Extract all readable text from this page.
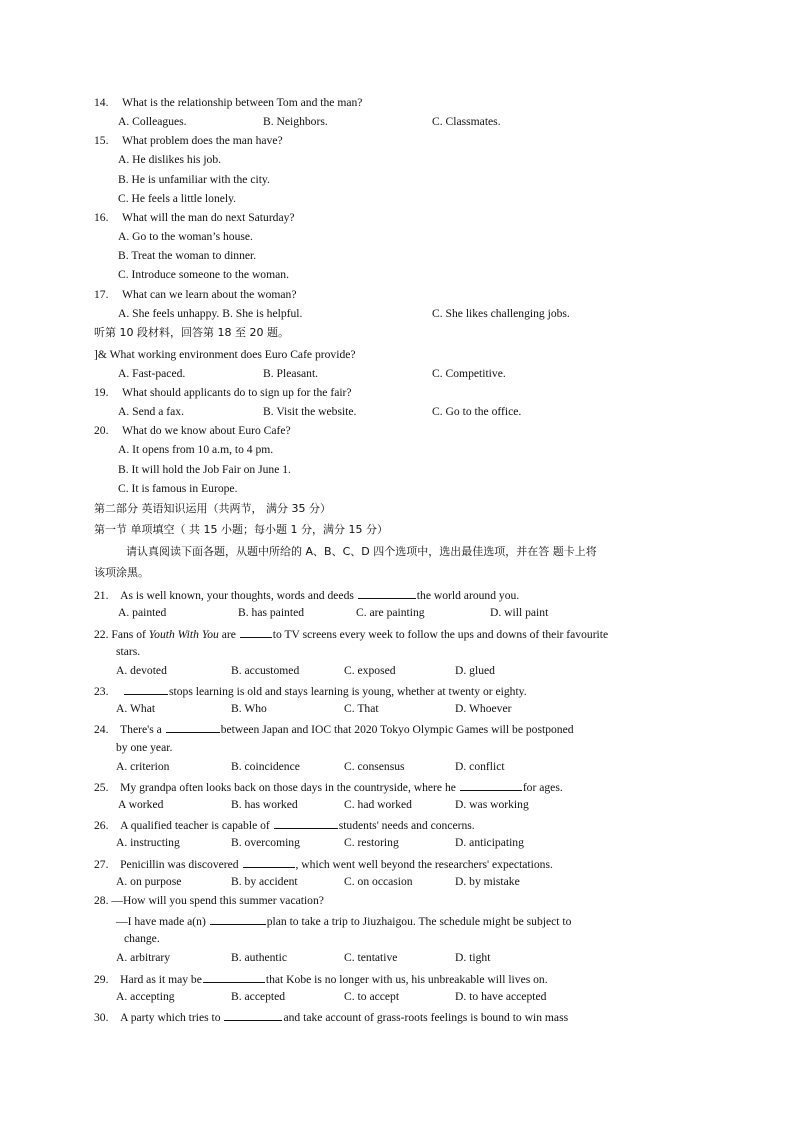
14. What is the relationship between Tom and the man?
A. Colleagues.	B. Neighbors.	C. Classmates.
15. What problem does the man have?
A. He dislikes his job.
B. He is unfamiliar with the city.
C. He feels a little lonely.
16. What will the man do next Saturday?
A. Go to the woman’s house.
B. Treat the woman to dinner.
C. Introduce someone to the woman.
17. What can we learn about the woman?
A. She feels unhappy. B. She is helpful.	C. She likes challenging jobs.
听第 10 段材料，回答第 18 至 20 题。
]& What working environment does Euro Cafe provide?
A. Fast-paced.	B. Pleasant.	C. Competitive.
19. What should applicants do to sign up for the fair?
A. Send a fax.	B. Visit the website.	C. Go to the office.
20. What do we know about Euro Cafe?
A. It opens from 10 a.m, to 4 pm.
B. It will hold the Job Fair on June 1.
C. It is famous in Europe.
第二部分 英语知识运用（共两节， 满分 35 分）
第一节 单项填空（ 共 15 小题；每小题 1 分，满分 15 分）
请认真阅读下面各题，从题中所给的 A、B、C、D 四个选项中，选出最佳选项，并在答 题卡上将
该项涂黑。
21. As is well known, your thoughts, words and deeds	the world around you.
A. painted	B. has painted	C. are painting	D. will paint
22. Fans of Youth With You are	to TV screens every week to follow the ups and downs of their favourite
stars.
A. devoted	B. accustomed	C. exposed	D. glued
23.	stops learning is old and stays learning is young, whether at twenty or eighty.
A. What	B. Who	C. That	D. Whoever
24. There's a	between Japan and IOC that 2020 Tokyo Olympic Games will be postponed
by one year.
A. criterion	B. coincidence	C. consensus	D. conflict
25. My grandpa often looks back on those days in the countryside, where he	for ages.
A worked	B. has worked	C. had worked	D. was working
26. A qualified teacher is capable of	students' needs and concerns.
A. instructing	B. overcoming	C. restoring	D. anticipating
27. Penicillin was discovered	, which went well beyond the researchers' expectations.
A. on purpose	B. by accident	C. on occasion	D. by mistake
28. —How will you spend this summer vacation?
—I have made a(n)	plan to take a trip to Jiuzhaigou. The schedule might be subject to
change.
A. arbitrary	B. authentic	C. tentative	D. tight
29. Hard as it may be	that Kobe is no longer with us, his unbreakable will lives on.
A. accepting	B. accepted	C. to accept	D. to have accepted
30. A party which tries to	and take account of grass-roots feelings is bound to win mass
